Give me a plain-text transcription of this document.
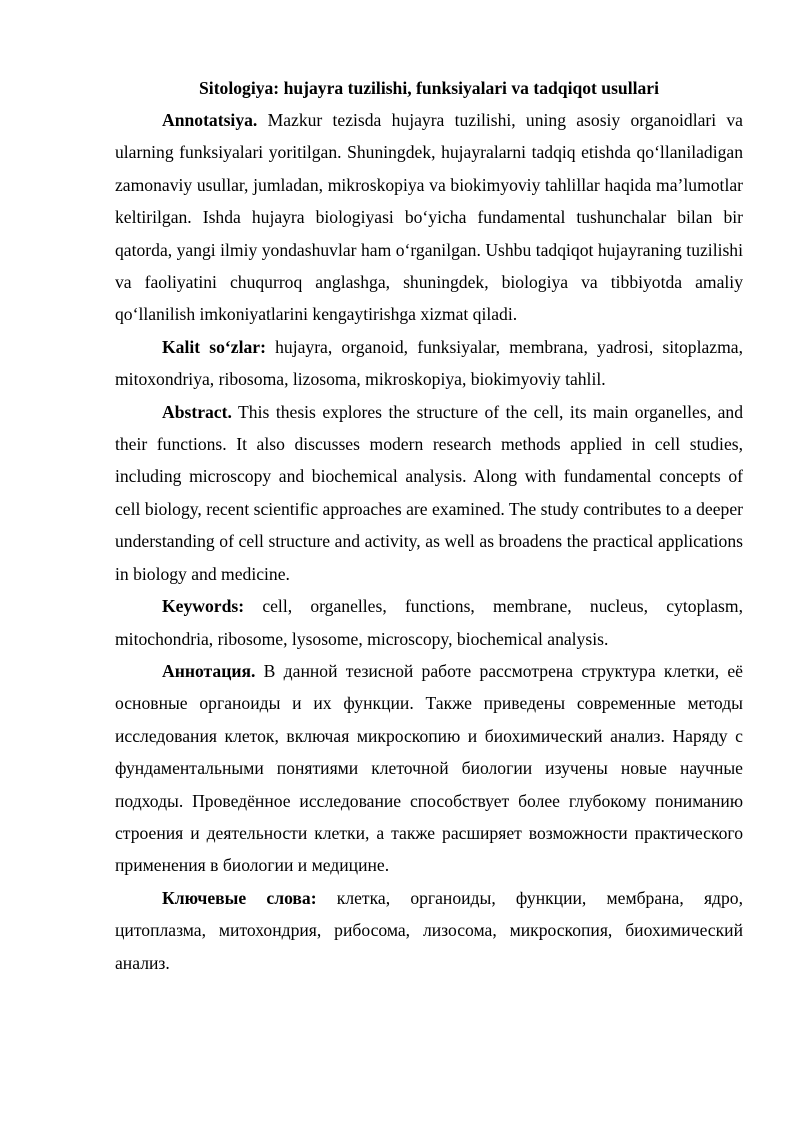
Sitologiya: hujayra tuzilishi, funksiyalari va tadqiqot usullari

Annotatsiya. Mazkur tezisda hujayra tuzilishi, uning asosiy organoidlari va ularning funksiyalari yoritilgan. Shuningdek, hujayralarni tadqiq etishda qo‘llaniladigan zamonaviy usullar, jumladan, mikroskopiya va biokimyoviy tahlillar haqida ma’lumotlar keltirilgan. Ishda hujayra biologiyasi bo‘yicha fundamental tushunchalar bilan bir qatorda, yangi ilmiy yondashuvlar ham o‘rganilgan. Ushbu tadqiqot hujayraning tuzilishi va faoliyatini chuqurroq anglashga, shuningdek, biologiya va tibbiyotda amaliy qo‘llanilish imkoniyatlarini kengaytirishga xizmat qiladi.

Kalit so‘zlar: hujayra, organoid, funksiyalar, membrana, yadrosi, sitoplazma, mitoxondriya, ribosoma, lizosoma, mikroskopiya, biokimyoviy tahlil.

Abstract. This thesis explores the structure of the cell, its main organelles, and their functions. It also discusses modern research methods applied in cell studies, including microscopy and biochemical analysis. Along with fundamental concepts of cell biology, recent scientific approaches are examined. The study contributes to a deeper understanding of cell structure and activity, as well as broadens the practical applications in biology and medicine.

Keywords: cell, organelles, functions, membrane, nucleus, cytoplasm, mitochondria, ribosome, lysosome, microscopy, biochemical analysis.

Аннотация. В данной тезисной работе рассмотрена структура клетки, её основные органоиды и их функции. Также приведены современные методы исследования клеток, включая микроскопию и биохимический анализ. Наряду с фундаментальными понятиями клеточной биологии изучены новые научные подходы. Проведённое исследование способствует более глубокому пониманию строения и деятельности клетки, а также расширяет возможности практического применения в биологии и медицине.

Ключевые слова: клетка, органоиды, функции, мембрана, ядро, цитоплазма, митохондрия, рибосома, лизосома, микроскопия, биохимический анализ.
